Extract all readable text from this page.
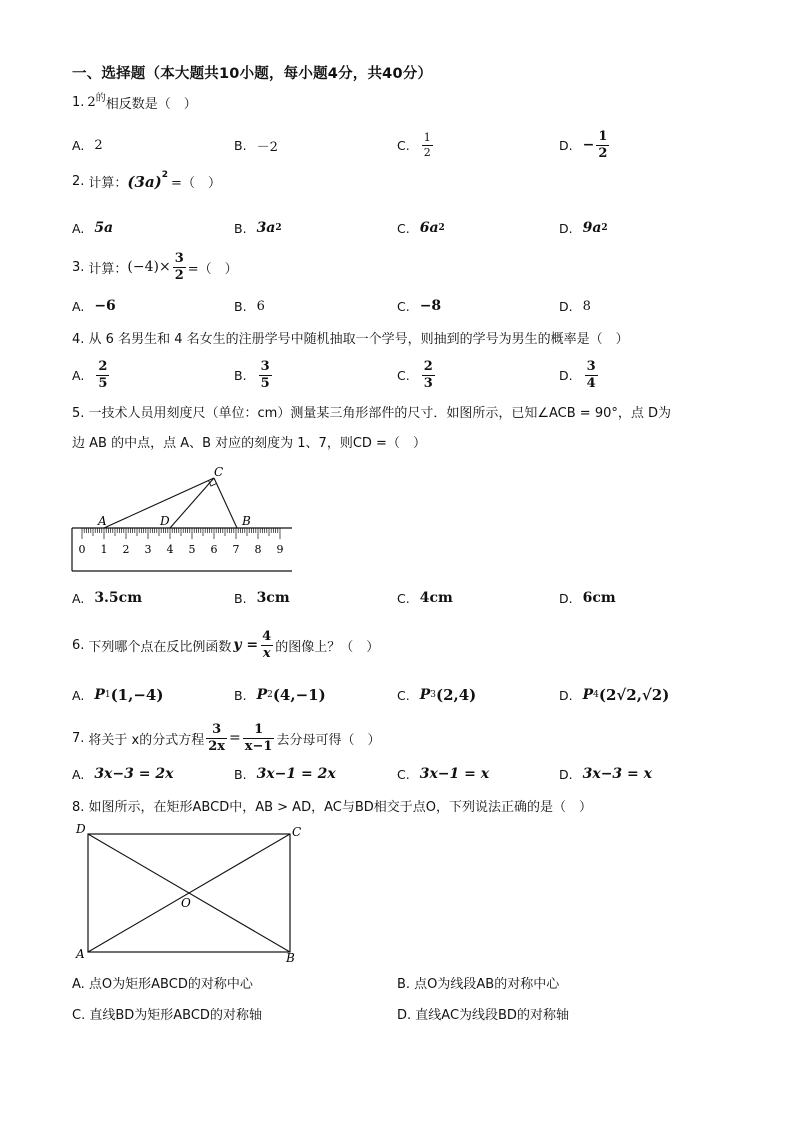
一、选择题（本大题共10小题，每小题4分，共40分）
1. 2 的 相反数是（　）
A. 2	B. －2	C. $\frac{1}{2}$	D. − $\frac{1}{2}$
2. 计算： (3a) 2
=（　）
A. 5a	B. 3a 2	C. 6a 2	D. 9a 2
3. 计算： $(-4)\times \frac{3}{2}$ =（　）
A. −6	B. 6	C. −8	D. 8
4. 从 6 名男生和 4 名女生的注册学号中随机抽取一个学号，则抽到的学号为男生的概率是（　）
A. $\frac{2}{5}$	B. $\frac{3}{5}$	C. $\frac{2}{3}$	D. $\frac{3}{4}$
5. 一技术人员用刻度尺（单位：cm）测量某三角形部件的尺寸．如图所示，已知∠ACB = 90°，点 D为
边 AB 的中点，点 A、B 对应的刻度为 1、7，则CD =（　）
0 1 2 3 4 5 6 7 8 9
A	D
C
B
A. 3.5cm	B. 3cm	C. 4cm	D. 6cm
6. 下列哪个点在反比例函数 $y = \frac{4}{x}$ 的图像上？（　）
A. P 1 (1,−4)	B. P 2 (4,−1)	C. P 3 (2,4)	D. P 4 (2√2,√2)
7. 将关于 x的分式方程 $\frac{3}{2x} = \frac{1}{x-1}$ 去分母可得（　）
A. 3x−3 = 2x	B. 3x−1 = 2x	C. 3x−1 = x	D. 3x−3 = x
8. 如图所示，在矩形ABCD中，AB > AD，AC与BD相交于点O，下列说法正确的是（　）
D	C
A	B
O
A. 点O为矩形ABCD的对称中心	B. 点O为线段AB的对称中心
C. 直线BD为矩形ABCD的对称轴	D. 直线AC为线段BD的对称轴
